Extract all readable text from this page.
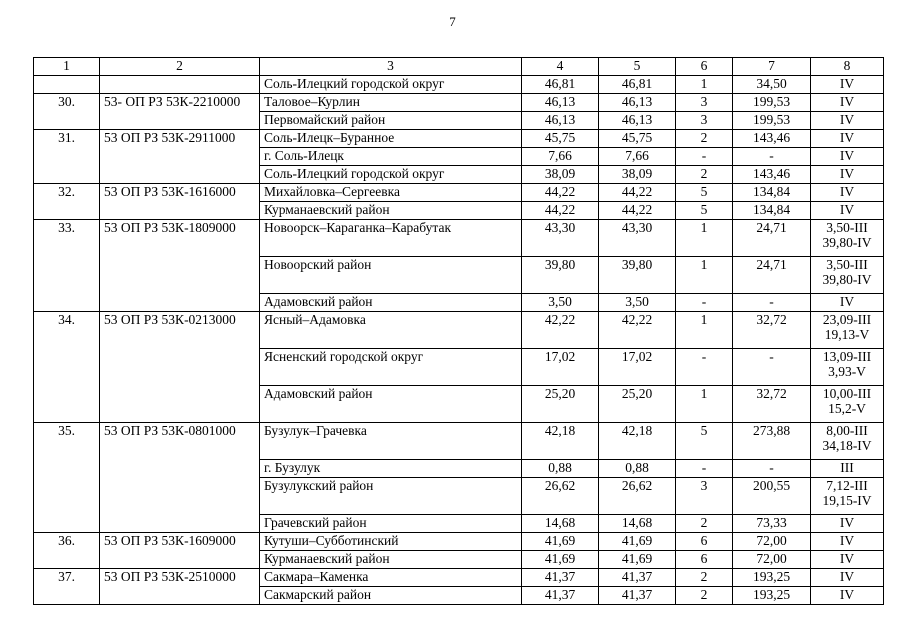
7
1	2	3	4	5	6	7	8
		Соль-Илецкий городской округ	46,81	46,81	1	34,50	IV

30.	53- ОП РЗ 53К-2210000	Таловое–Курлин	46,13	46,13	3	199,53	IV

		Первомайский район	46,13	46,13	3	199,53	IV

31.	53 ОП РЗ 53К-2911000	Соль-Илецк–Буранное	45,75	45,75	2	143,46	IV

		г. Соль-Илецк	7,66	7,66	-	-	IV

		Соль-Илецкий городской округ	38,09	38,09	2	143,46	IV

32.	53 ОП РЗ 53К-1616000	Михайловка–Сергеевка	44,22	44,22	5	134,84	IV

		Курманаевский район	44,22	44,22	5	134,84	IV

33.	53 ОП РЗ 53К-1809000	Новоорск–Караганка–Карабутак	43,30	43,30	1	24,71	3,50-III
39,80-IV

		Новоорский район	39,80	39,80	1	24,71	3,50-III
39,80-IV

		Адамовский район	3,50	3,50	-	-	IV

34.	53 ОП РЗ 53К-0213000	Ясный–Адамовка	42,22	42,22	1	32,72	23,09-III
19,13-V

		Ясненский городской округ	17,02	17,02	-	-	13,09-III
3,93-V

		Адамовский район	25,20	25,20	1	32,72	10,00-III
15,2-V

35.	53 ОП РЗ 53К-0801000	Бузулук–Грачевка	42,18	42,18	5	273,88	8,00-III
34,18-IV

		г. Бузулук	0,88	0,88	-	-	III

		Бузулукский район	26,62	26,62	3	200,55	7,12-III
19,15-IV

		Грачевский район	14,68	14,68	2	73,33	IV

36.	53 ОП РЗ 53К-1609000	Кутуши–Субботинский	41,69	41,69	6	72,00	IV

		Курманаевский район	41,69	41,69	6	72,00	IV

37.	53 ОП РЗ 53К-2510000	Сакмара–Каменка	41,37	41,37	2	193,25	IV

		Сакмарский район	41,37	41,37	2	193,25	IV
